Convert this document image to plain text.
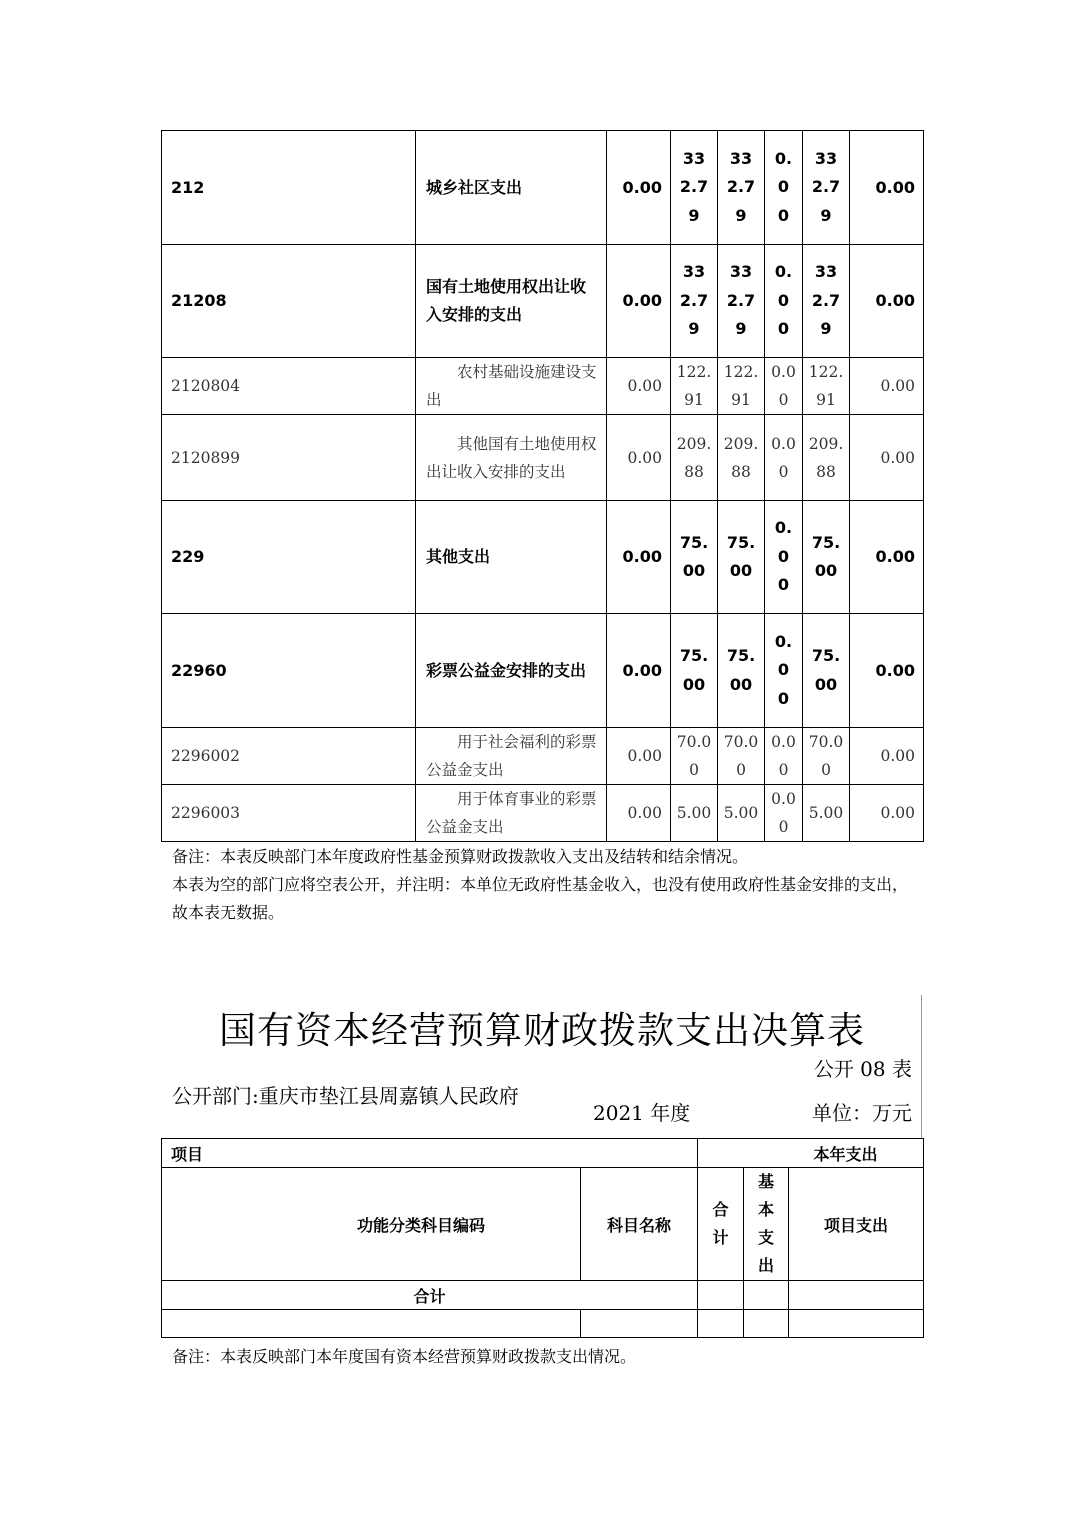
212	城乡社区支出	0.00	332.79	332.79	0.00	332.79	0.00
21208	国有土地使用权出让收入安排的支出	0.00	332.79	332.79	0.00	332.79	0.00
2120804	农村基础设施建设支出	0.00	122.91	122.91	0.00	122.91	0.00
2120899	其他国有土地使用权出让收入安排的支出	0.00	209.88	209.88	0.00	209.88	0.00
229	其他支出	0.00	75.00	75.00	0.00	75.00	0.00
22960	彩票公益金安排的支出	0.00	75.00	75.00	0.00	75.00	0.00
2296002	用于社会福利的彩票公益金支出	0.00	70.00	70.00	0.00	70.00	0.00
2296003	用于体育事业的彩票公益金支出	0.00	5.00	5.00	0.00	5.00	0.00
备注：本表反映部门本年度政府性基金预算财政拨款收入支出及结转和结余情况。
本表为空的部门应将空表公开，并注明：本单位无政府性基金收入，也没有使用政府性基金安排的支出，故本表无数据。
国有资本经营预算财政拨款支出决算表
公开 08 表
公开部门:重庆市垫江县周嘉镇人民政府
2021 年度	单位：万元
项目		本年支出		
功能分类科目编码	科目名称	合计	基本支出	项目支出
合计				

备注：本表反映部门本年度国有资本经营预算财政拨款支出情况。
